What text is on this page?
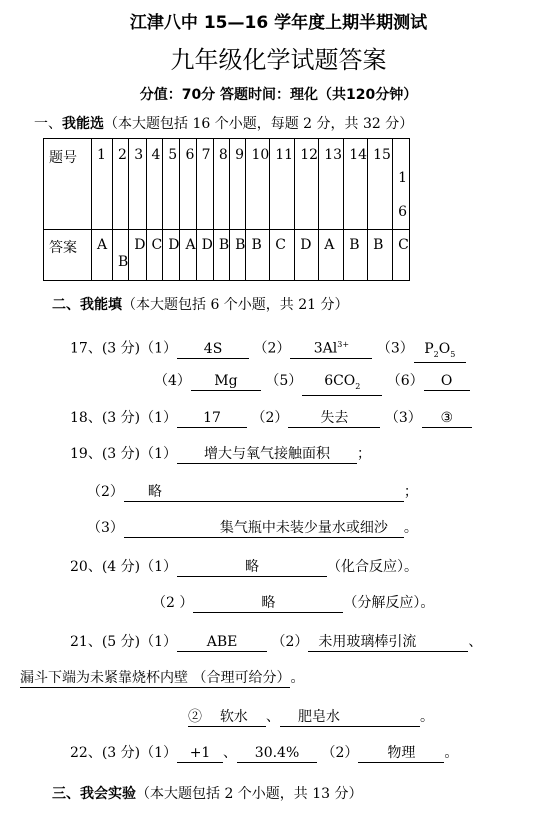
江津八中 15—16 学年度上期半期测试
九年级化学试题答案
分值：70分 答题时间：理化（共120分钟）
一、我能选（本大题包括 16 个小题，每题 2 分，共 32 分）
题号	1	2	3	4	5	6	7	8	9	10	11	12	13	14	15	16

答案	A	B	D	C	D	A	D	B	B	B	C	D	A	B	B	C
二、我能填（本大题包括 6 个小题，共 21 分）
17、(3 分)（1） 4S （2） $3Al^{3+}$ （3） $P_2O_5$
（4） Mg （5） $6CO_2$ （6） O
18、(3 分)（1） 17 （2） 失去	（3） ③
19、(3 分)（1） 增大与氧气接触面积 ；
（2） 略	；
（3）	集气瓶中未装少量水或细沙 。
20、(4 分)（1）	略	（化合反应）。
（2 ）	略	（分解反应）。
21、(5 分)（1） ABE （2） 未用玻璃棒引流	、
漏斗下端为未紧靠烧杯内壁 （合理可给分）。
② 软水 、 肥皂水	。
22、(3 分)（1） +1 、 30.4% （2） 物理 。
三、我会实验（本大题包括 2 个小题，共 13 分）
